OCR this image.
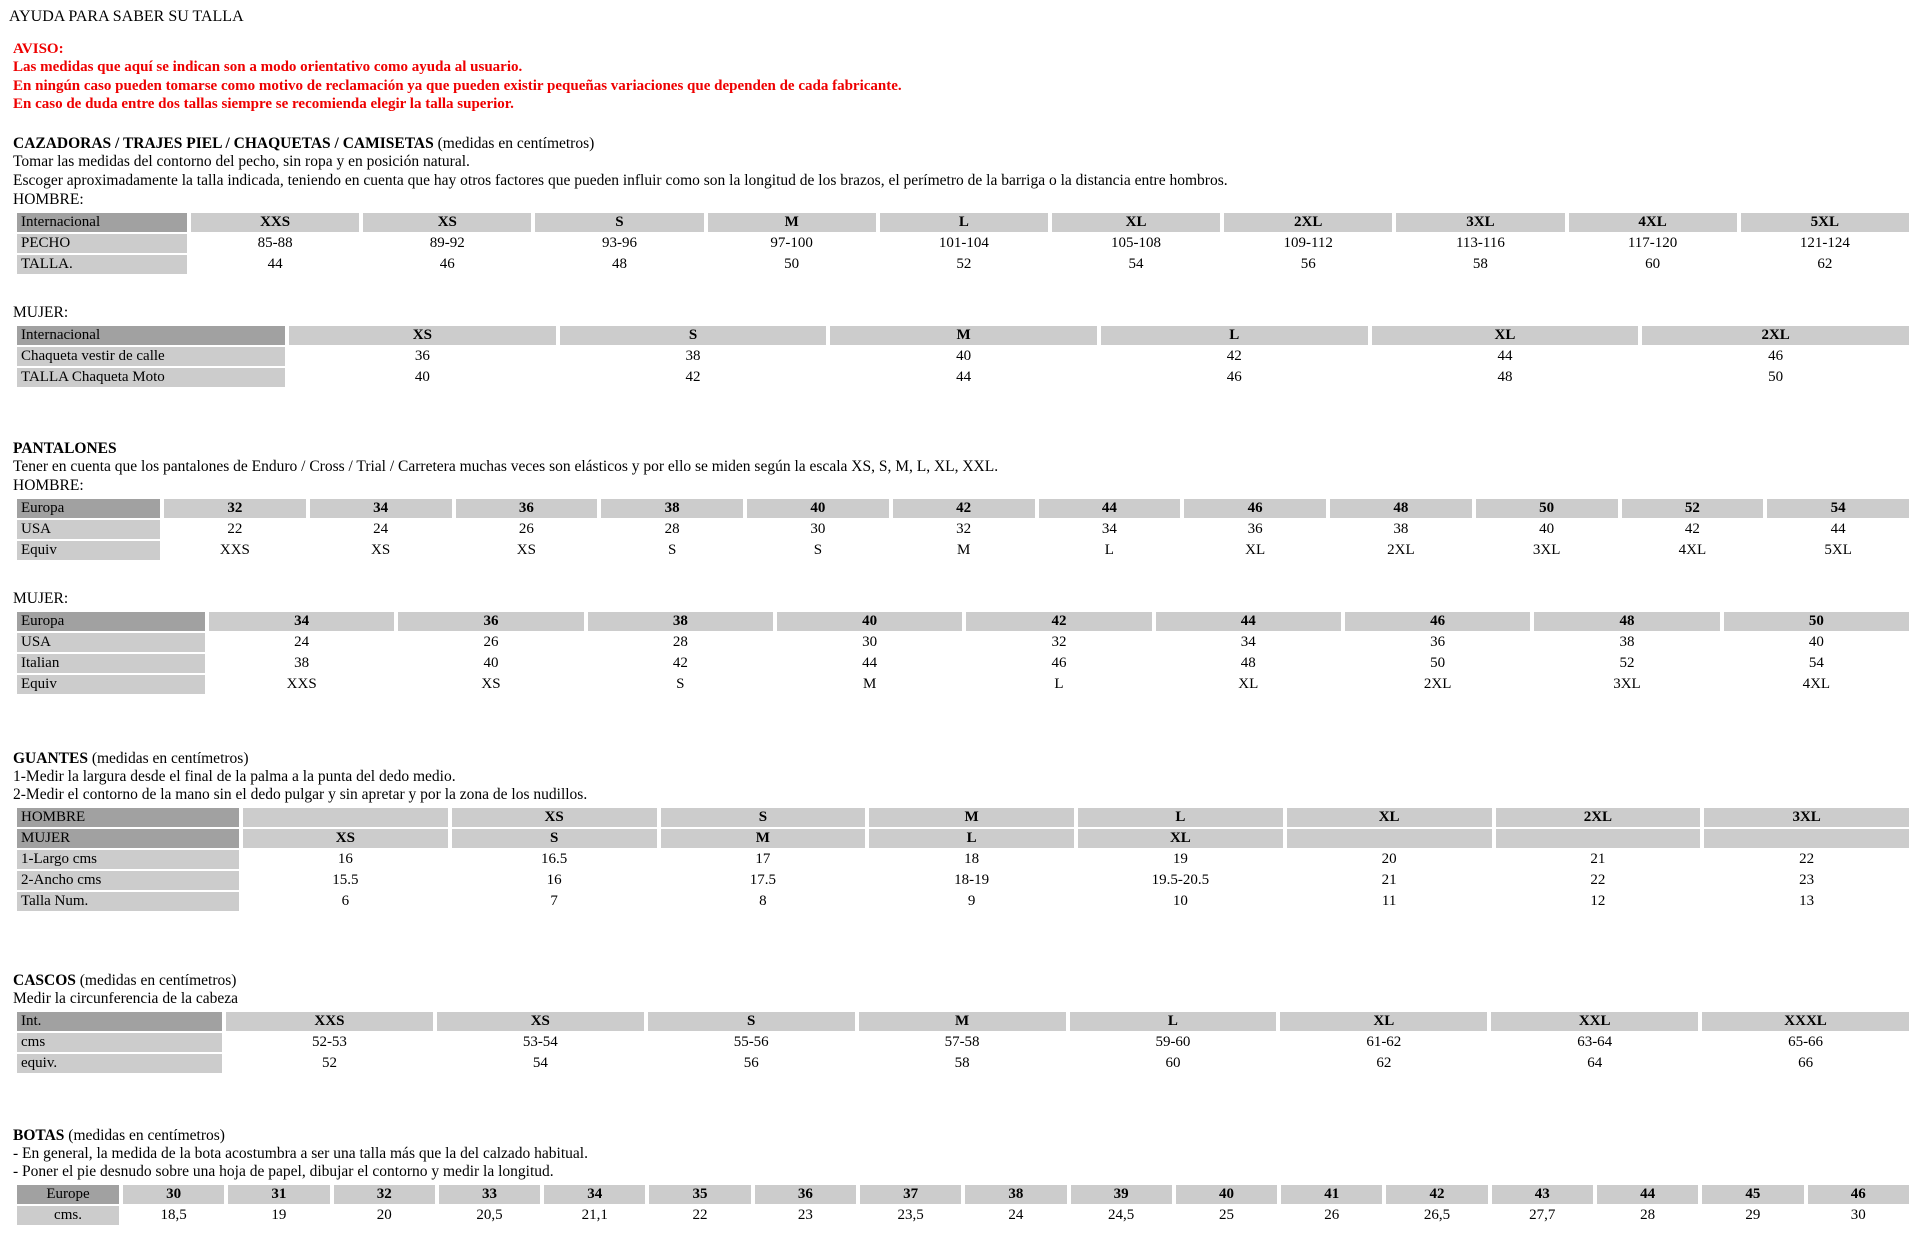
AYUDA PARA SABER SU TALLA
AVISO:
Las medidas que aquí se indican son a modo orientativo como ayuda al usuario.
En ningún caso pueden tomarse como motivo de reclamación ya que pueden existir pequeñas variaciones que dependen de cada fabricante.
En caso de duda entre dos tallas siempre se recomienda elegir la talla superior.
CAZADORAS / TRAJES PIEL / CHAQUETAS / CAMISETAS (medidas en centímetros)
Tomar las medidas del contorno del pecho, sin ropa y en posición natural.
Escoger aproximadamente la talla indicada, teniendo en cuenta que hay otros factores que pueden influir como son la longitud de los brazos, el perímetro de la barriga o la distancia entre hombros.
HOMBRE:
Internacional	XXS	XS	S	M	L	XL	2XL	3XL	4XL	5XL
PECHO	85-88	89-92	93-96	97-100	101-104	105-108	109-112	113-116	117-120	121-124
TALLA.	44	46	48	50	52	54	56	58	60	62
MUJER:
Internacional	XS	S	M	L	XL	2XL
Chaqueta vestir de calle	36	38	40	42	44	46
TALLA Chaqueta Moto	40	42	44	46	48	50
PANTALONES
Tener en cuenta que los pantalones de Enduro / Cross / Trial / Carretera muchas veces son elásticos y por ello se miden según la escala XS, S, M, L, XL, XXL.
HOMBRE:
Europa	32	34	36	38	40	42	44	46	48	50	52	54
USA	22	24	26	28	30	32	34	36	38	40	42	44
Equiv	XXS	XS	XS	S	S	M	L	XL	2XL	3XL	4XL	5XL
MUJER:
Europa	34	36	38	40	42	44	46	48	50
USA	24	26	28	30	32	34	36	38	40
Italian	38	40	42	44	46	48	50	52	54
Equiv	XXS	XS	S	M	L	XL	2XL	3XL	4XL
GUANTES (medidas en centímetros)
1-Medir la largura desde el final de la palma a la punta del dedo medio.
2-Medir el contorno de la mano sin el dedo pulgar y sin apretar y por la zona de los nudillos.
HOMBRE		XS	S	M	L	XL	2XL	3XL
MUJER	XS	S	M	L	XL			
1-Largo cms	16	16.5	17	18	19	20	21	22
2-Ancho cms	15.5	16	17.5	18-19	19.5-20.5	21	22	23
Talla Num.	6	7	8	9	10	11	12	13
CASCOS (medidas en centímetros)
Medir la circunferencia de la cabeza
Int.	XXS	XS	S	M	L	XL	XXL	XXXL
cms	52-53	53-54	55-56	57-58	59-60	61-62	63-64	65-66
equiv.	52	54	56	58	60	62	64	66
BOTAS (medidas en centímetros)
- En general, la medida de la bota acostumbra a ser una talla más que la del calzado habitual.
- Poner el pie desnudo sobre una hoja de papel, dibujar el contorno y medir la longitud.
Europe	30	31	32	33	34	35	36	37	38	39	40	41	42	43	44	45	46
cms.	18,5	19	20	20,5	21,1	22	23	23,5	24	24,5	25	26	26,5	27,7	28	29	30
